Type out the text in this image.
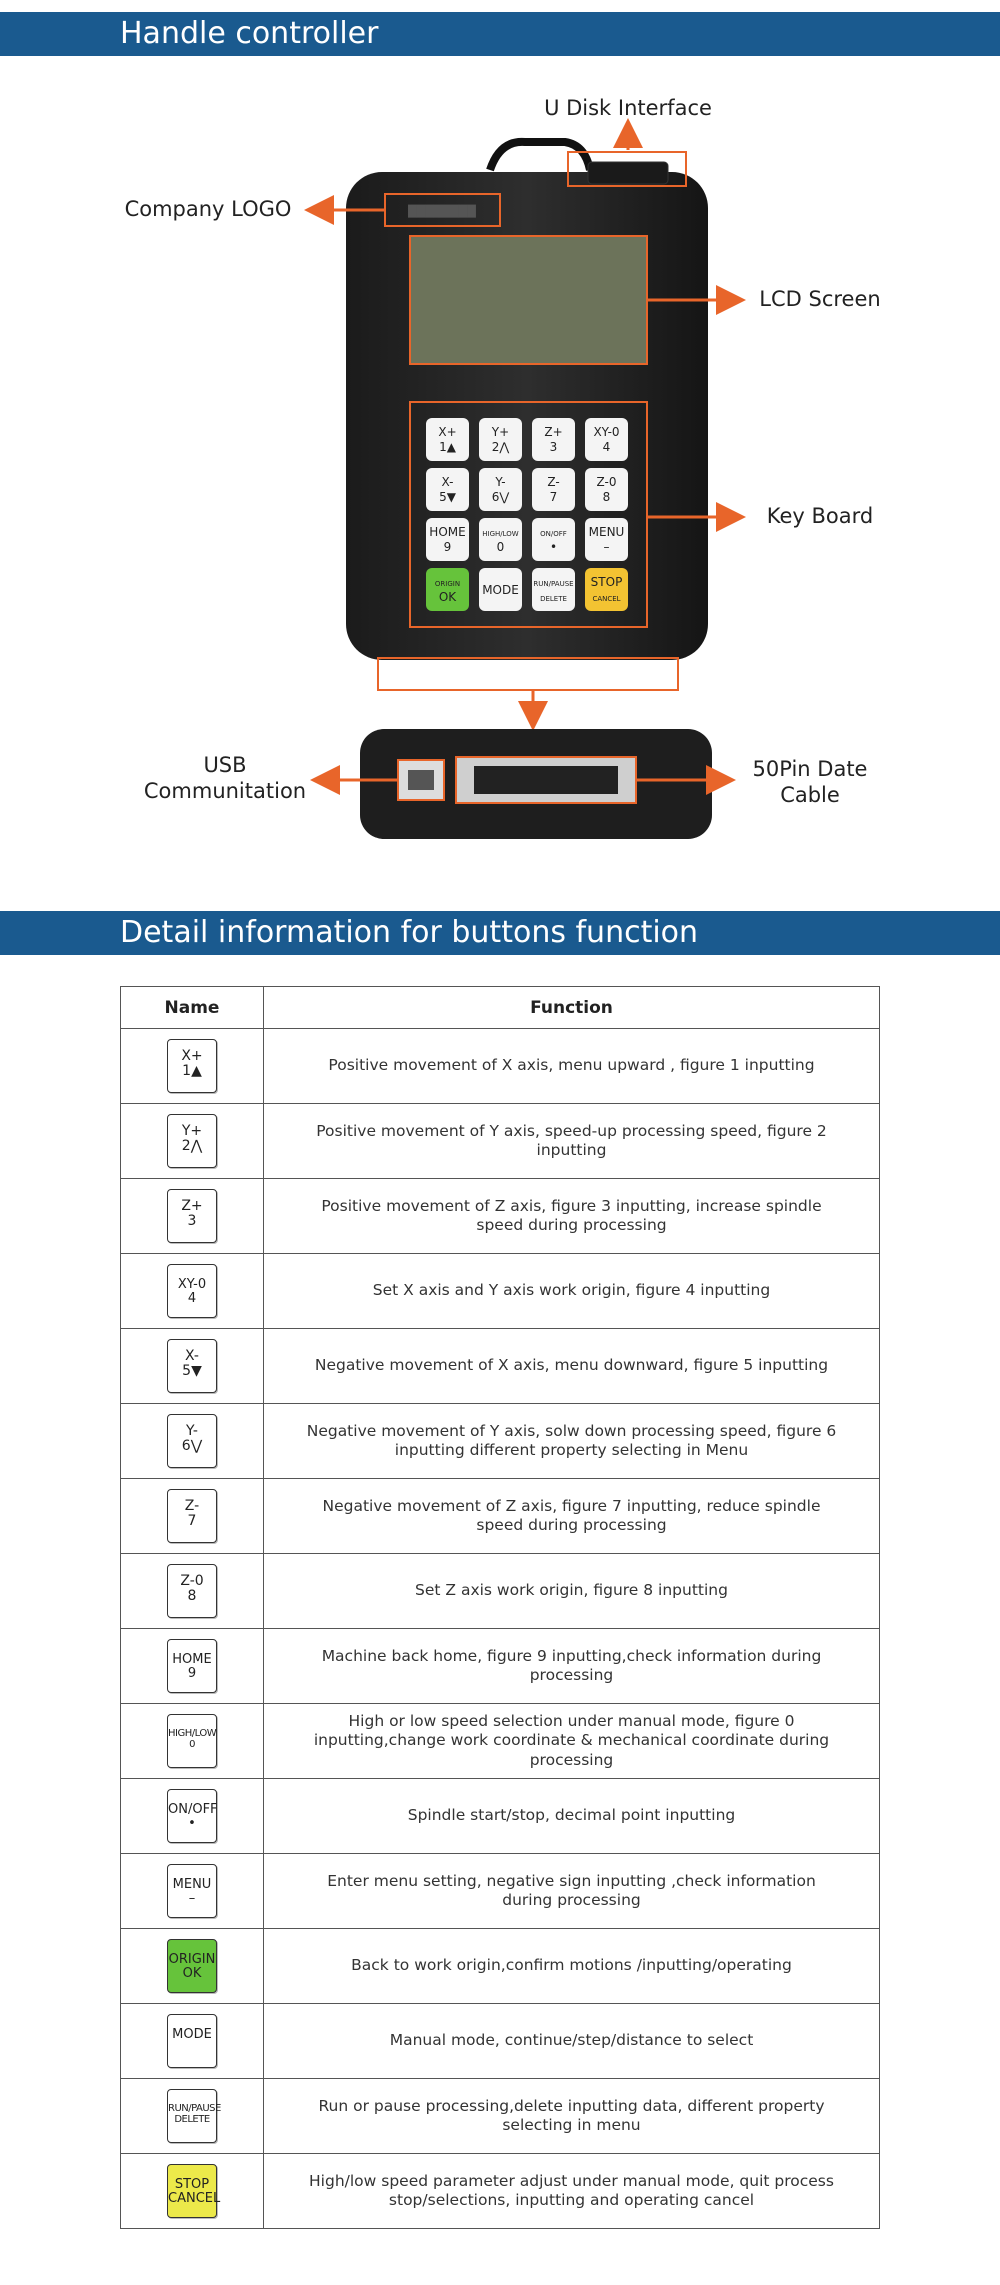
Handle controller
████████
X+
1▲
Y+
2⋀
Z+
3
XY-0
4
X-
5▼
Y-
6⋁
Z-
7
Z-0
8
HOME
9
HIGH/LOW
0
ON/OFF
•
MENU
–
ORIGIN
OK MODE RUN/PAUSE
DELETE
STOP
CANCEL
U Disk Interface
Company LOGO
LCD Screen
Key Board
USB
Communitation
50Pin Date
Cable
Detail information for buttons function
Name	Function

X+
1▲	Positive movement of X axis, menu upward , figure 1 inputting

Y+
2⋀	Positive movement of Y axis, speed-up processing speed, figure 2 inputting

Z+
3	Positive movement of Z axis, figure 3 inputting, increase spindle speed during processing

XY-0
4	Set X axis and Y axis work origin, figure 4 inputting

X-
5▼	Negative movement of X axis, menu downward, figure 5 inputting

Y-
6⋁	Negative movement of Y axis, solw down processing speed, figure 6 inputting different property selecting in Menu

Z-
7	Negative movement of Z axis, figure 7 inputting, reduce spindle speed during processing

Z-0
8	Set Z axis work origin, figure 8 inputting

HOME
9	Machine back home, figure 9 inputting,check information during processing

HIGH/LOW
0	High or low speed selection under manual mode, figure 0 inputting,change work coordinate & mechanical coordinate during processing

ON/OFF
•	Spindle start/stop, decimal point inputting

MENU
–	Enter menu setting, negative sign inputting ,check information during processing

ORIGIN
OK	Back to work origin,confirm motions /inputting/operating

MODE	Manual mode, continue/step/distance to select

RUN/PAUSE
DELETE	Run or pause processing,delete inputting data, different property selecting in menu

STOP
CANCEL	High/low speed parameter adjust under manual mode, quit process stop/selections, inputting and operating cancel
